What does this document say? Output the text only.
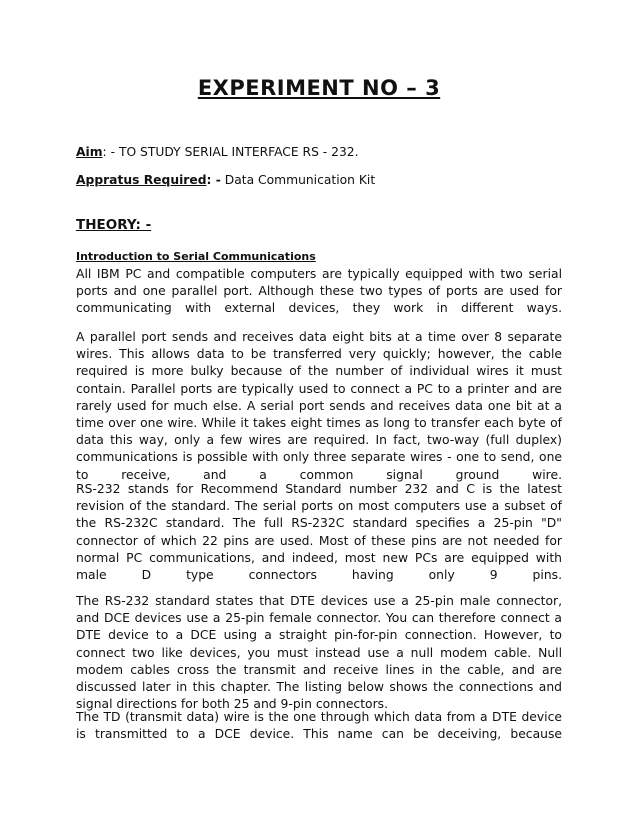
EXPERIMENT NO – 3
Aim: - TO STUDY SERIAL INTERFACE RS - 232.
Appratus Required: - Data Communication Kit
THEORY: -
Introduction to Serial Communications
All IBM PC and compatible computers are typically equipped with two serial ports and one parallel port. Although these two types of ports are used for communicating with external devices, they work in different ways.
A parallel port sends and receives data eight bits at a time over 8 separate wires. This allows data to be transferred very quickly; however, the cable required is more bulky because of the number of individual wires it must contain. Parallel ports are typically used to connect a PC to a printer and are rarely used for much else. A serial port sends and receives data one bit at a time over one wire. While it takes eight times as long to transfer each byte of data this way, only a few wires are required. In fact, two-way (full duplex) communications is possible with only three separate wires - one to send, one to receive, and a common signal ground wire.
RS-232 stands for Recommend Standard number 232 and C is the latest revision of the standard. The serial ports on most computers use a subset of the RS-232C standard. The full RS-232C standard specifies a 25-pin "D" connector of which 22 pins are used. Most of these pins are not needed for normal PC communications, and indeed, most new PCs are equipped with male D type connectors having only 9 pins.
The RS-232 standard states that DTE devices use a 25-pin male connector, and DCE devices use a 25-pin female connector. You can therefore connect a DTE device to a DCE using a straight pin-for-pin connection. However, to connect two like devices, you must instead use a null modem cable. Null modem cables cross the transmit and receive lines in the cable, and are discussed later in this chapter. The listing below shows the connections and signal directions for both 25 and 9-pin connectors.
The TD (transmit data) wire is the one through which data from a DTE device is transmitted to a DCE device. This name can be deceiving, because
